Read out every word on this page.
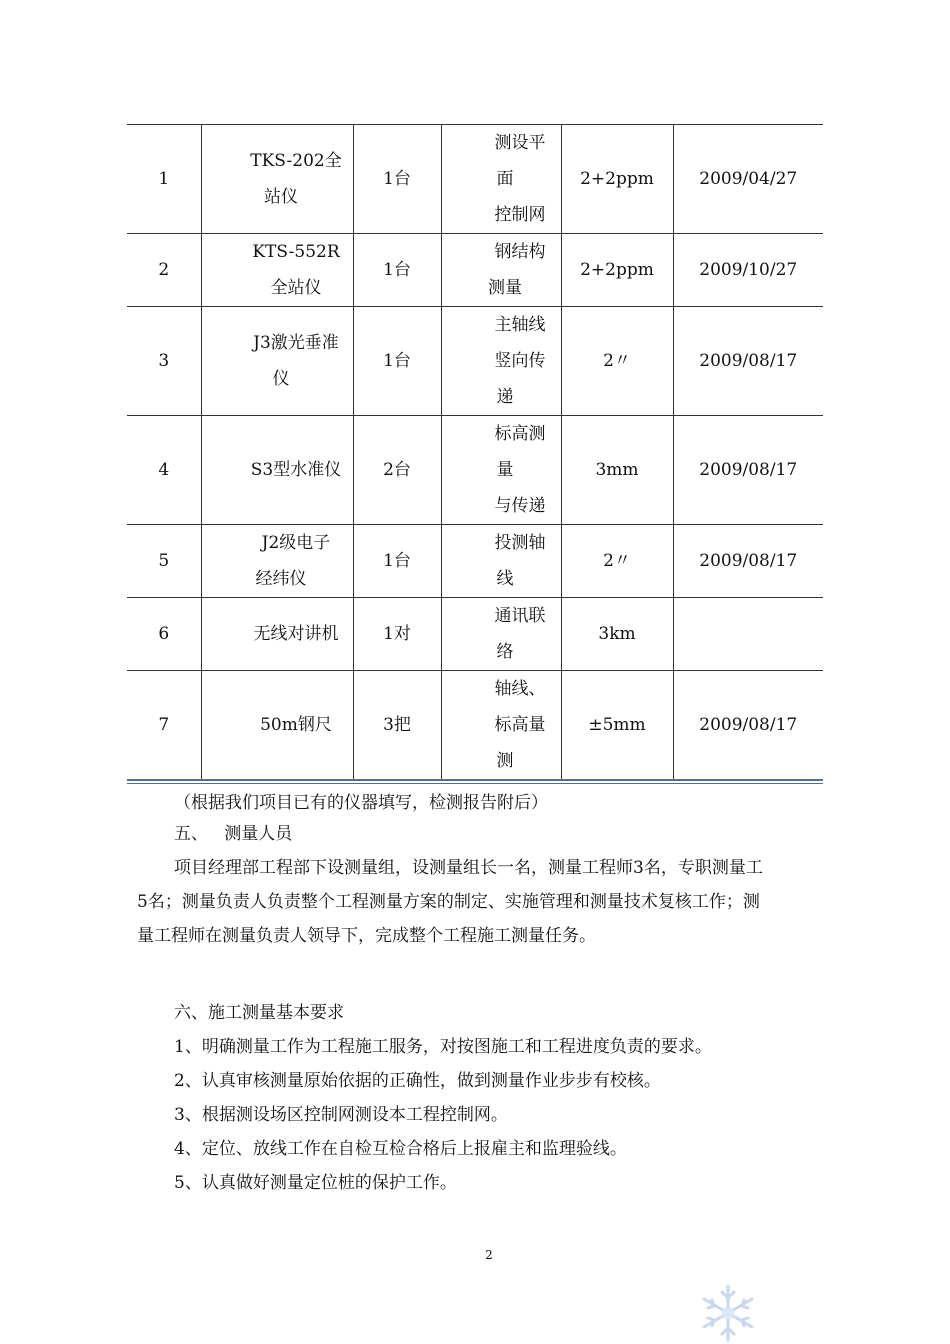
1	TKS-202全
站仪	1台	测设平
面
控制网	2+2ppm	2009/04/27
2	KTS-552R
全站仪	1台	钢结构
测量	2+2ppm	2009/10/27
3	J3激光垂准
仪	1台	主轴线
竖向传
递	2〃	2009/08/17
4	S3型水准仪	2台	标高测
量
与传递	3mm	2009/08/17
5	J2级电子
经纬仪	1台	投测轴
线	2〃	2009/08/17
6	无线对讲机	1对	通讯联
络	3km	
7	50m钢尺	3把	轴线、
标高量
测	±5mm	2009/08/17

（根据我们项目已有的仪器填写，检测报告附后）

五、   测量人员

项目经理部工程部下设测量组，设测量组长一名，测量工程师3名，专职测量工
5名；测量负责人负责整个工程测量方案的制定、实施管理和测量技术复核工作；测
量工程师在测量负责人领导下，完成整个工程施工测量任务。

六、施工测量基本要求

1、明确测量工作为工程施工服务，对按图施工和工程进度负责的要求。
2、认真审核测量原始依据的正确性，做到测量作业步步有校核。
3、根据测设场区控制网测设本工程控制网。
4、定位、放线工作在自检互检合格后上报雇主和监理验线。
5、认真做好测量定位桩的保护工作。
2
